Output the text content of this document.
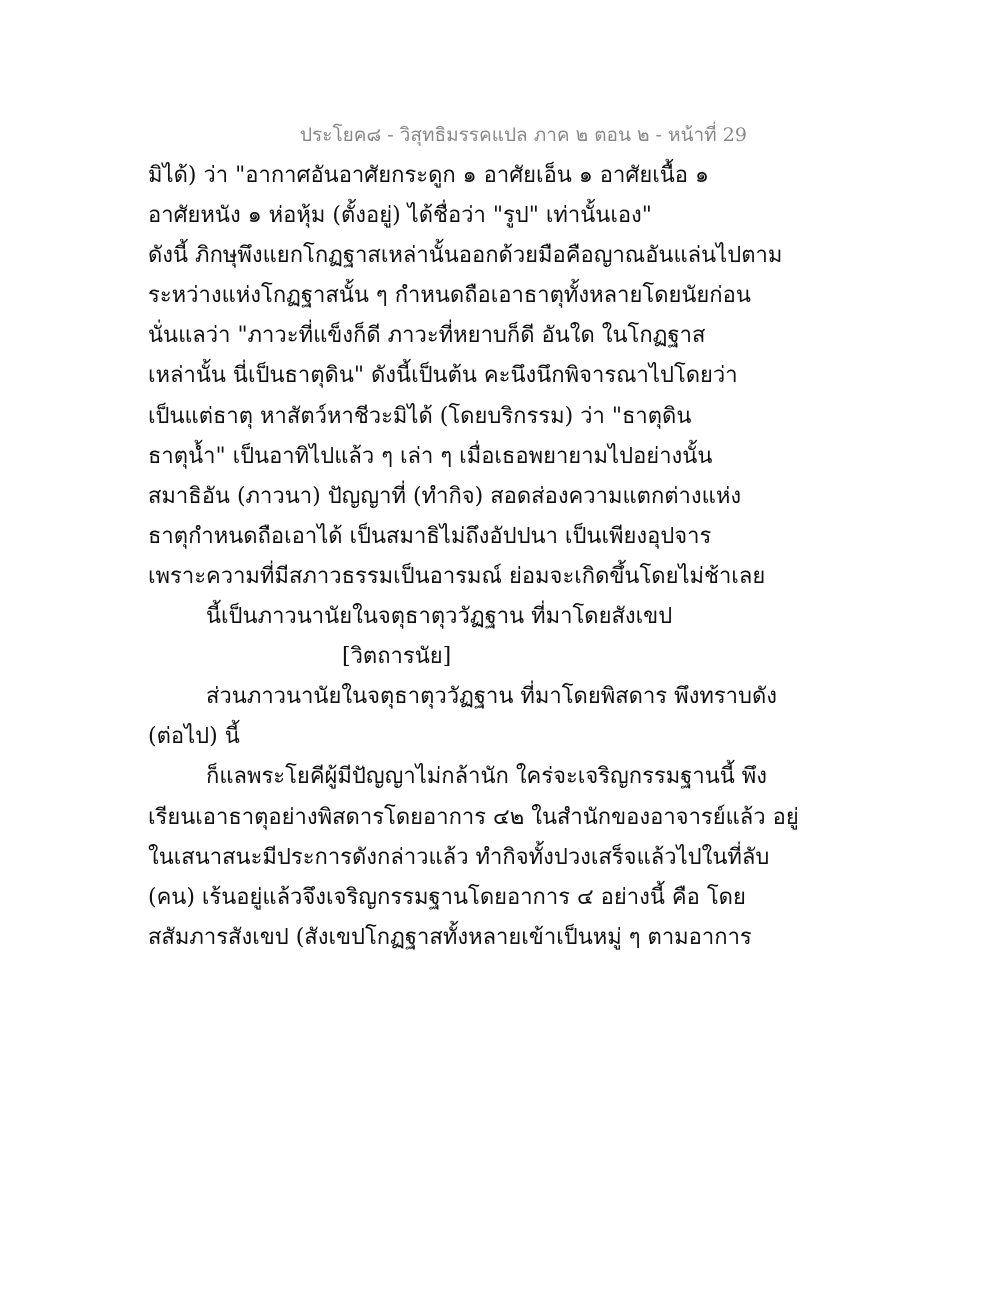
ประโยค๘ - วิสุทธิมรรคแปล ภาค ๒ ตอน ๒ - หน้าที่ 29
มิได้) ว่า "อากาศอันอาศัยกระดูก ๑ อาศัยเอ็น ๑ อาศัยเนื้อ ๑
อาศัยหนัง ๑ ห่อหุ้ม (ตั้งอยู่) ได้ชื่อว่า "รูป" เท่านั้นเอง"
ดังนี้ ภิกษุพึงแยกโกฏฐาสเหล่านั้นออกด้วยมือคือญาณอันแล่นไปตาม
ระหว่างแห่งโกฏฐาสนั้น ๆ กำหนดถือเอาธาตุทั้งหลายโดยนัยก่อน
นั่นแลว่า "ภาวะที่แข็งก็ดี ภาวะที่หยาบก็ดี อันใด ในโกฏฐาส
เหล่านั้น นี่เป็นธาตุดิน" ดังนี้เป็นต้น คะนึงนึกพิจารณาไปโดยว่า
เป็นแต่ธาตุ หาสัตว์หาชีวะมิได้ (โดยบริกรรม) ว่า "ธาตุดิน
ธาตุน้ำ" เป็นอาทิไปแล้ว ๆ เล่า ๆ เมื่อเธอพยายามไปอย่างนั้น
สมาธิอัน (ภาวนา) ปัญญาที่ (ทำกิจ) สอดส่องความแตกต่างแห่ง
ธาตุกำหนดถือเอาได้ เป็นสมาธิไม่ถึงอัปปนา เป็นเพียงอุปจาร
เพราะความที่มีสภาวธรรมเป็นอารมณ์ ย่อมจะเกิดขึ้นโดยไม่ช้าเลย
นี้เป็นภาวนานัยในจตุธาตุววัฏฐาน ที่มาโดยสังเขป
[วิตถารนัย]
ส่วนภาวนานัยในจตุธาตุววัฏฐาน ที่มาโดยพิสดาร พึงทราบดัง
(ต่อไป) นี้
ก็แลพระโยคีผู้มีปัญญาไม่กล้านัก ใคร่จะเจริญกรรมฐานนี้ พึง
เรียนเอาธาตุอย่างพิสดารโดยอาการ ๔๒ ในสำนักของอาจารย์แล้ว อยู่
ในเสนาสนะมีประการดังกล่าวแล้ว ทำกิจทั้งปวงเสร็จแล้วไปในที่ลับ
(คน) เร้นอยู่แล้วจึงเจริญกรรมฐานโดยอาการ ๔ อย่างนี้ คือ โดย
สสัมภารสังเขป (สังเขปโกฏฐาสทั้งหลายเข้าเป็นหมู่ ๆ ตามอาการ
